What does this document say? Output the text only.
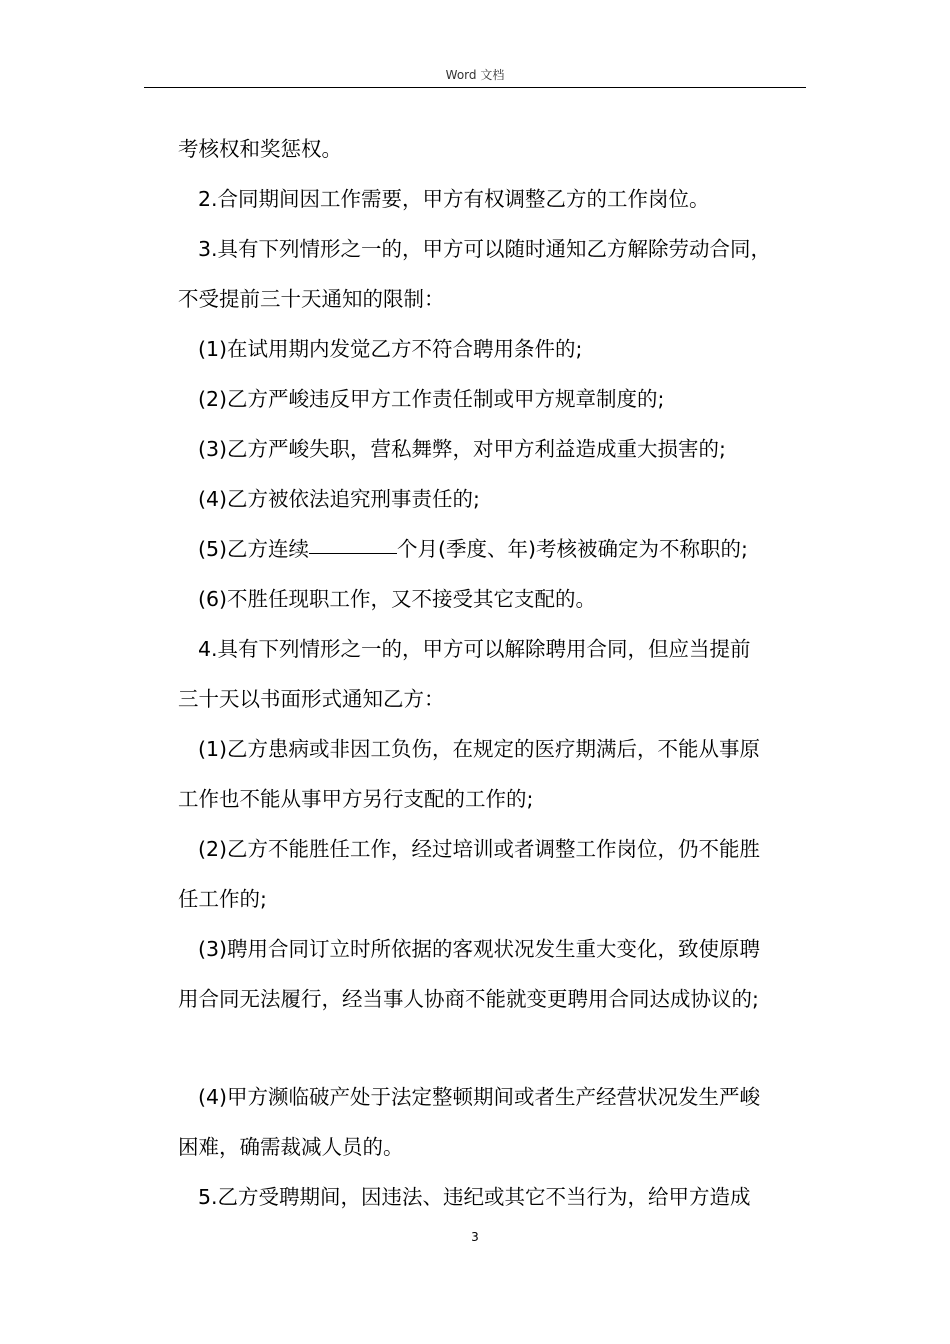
Word 文档
考核权和奖惩权。
2.合同期间因工作需要，甲方有权调整乙方的工作岗位。
3.具有下列情形之一的，甲方可以随时通知乙方解除劳动合同，
不受提前三十天通知的限制：
(1)在试用期内发觉乙方不符合聘用条件的;
(2)乙方严峻违反甲方工作责任制或甲方规章制度的;
(3)乙方严峻失职，营私舞弊，对甲方利益造成重大损害的;
(4)乙方被依法追究刑事责任的;
(5)乙方连续	个月(季度、年)考核被确定为不称职的;
(6)不胜任现职工作，又不接受其它支配的。
4.具有下列情形之一的，甲方可以解除聘用合同，但应当提前
三十天以书面形式通知乙方：
(1)乙方患病或非因工负伤，在规定的医疗期满后，不能从事原
工作也不能从事甲方另行支配的工作的;
(2)乙方不能胜任工作，经过培训或者调整工作岗位，仍不能胜
任工作的;
(3)聘用合同订立时所依据的客观状况发生重大变化，致使原聘
用合同无法履行，经当事人协商不能就变更聘用合同达成协议的;
(4)甲方濒临破产处于法定整顿期间或者生产经营状况发生严峻
困难，确需裁减人员的。
5.乙方受聘期间，因违法、违纪或其它不当行为，给甲方造成
3
